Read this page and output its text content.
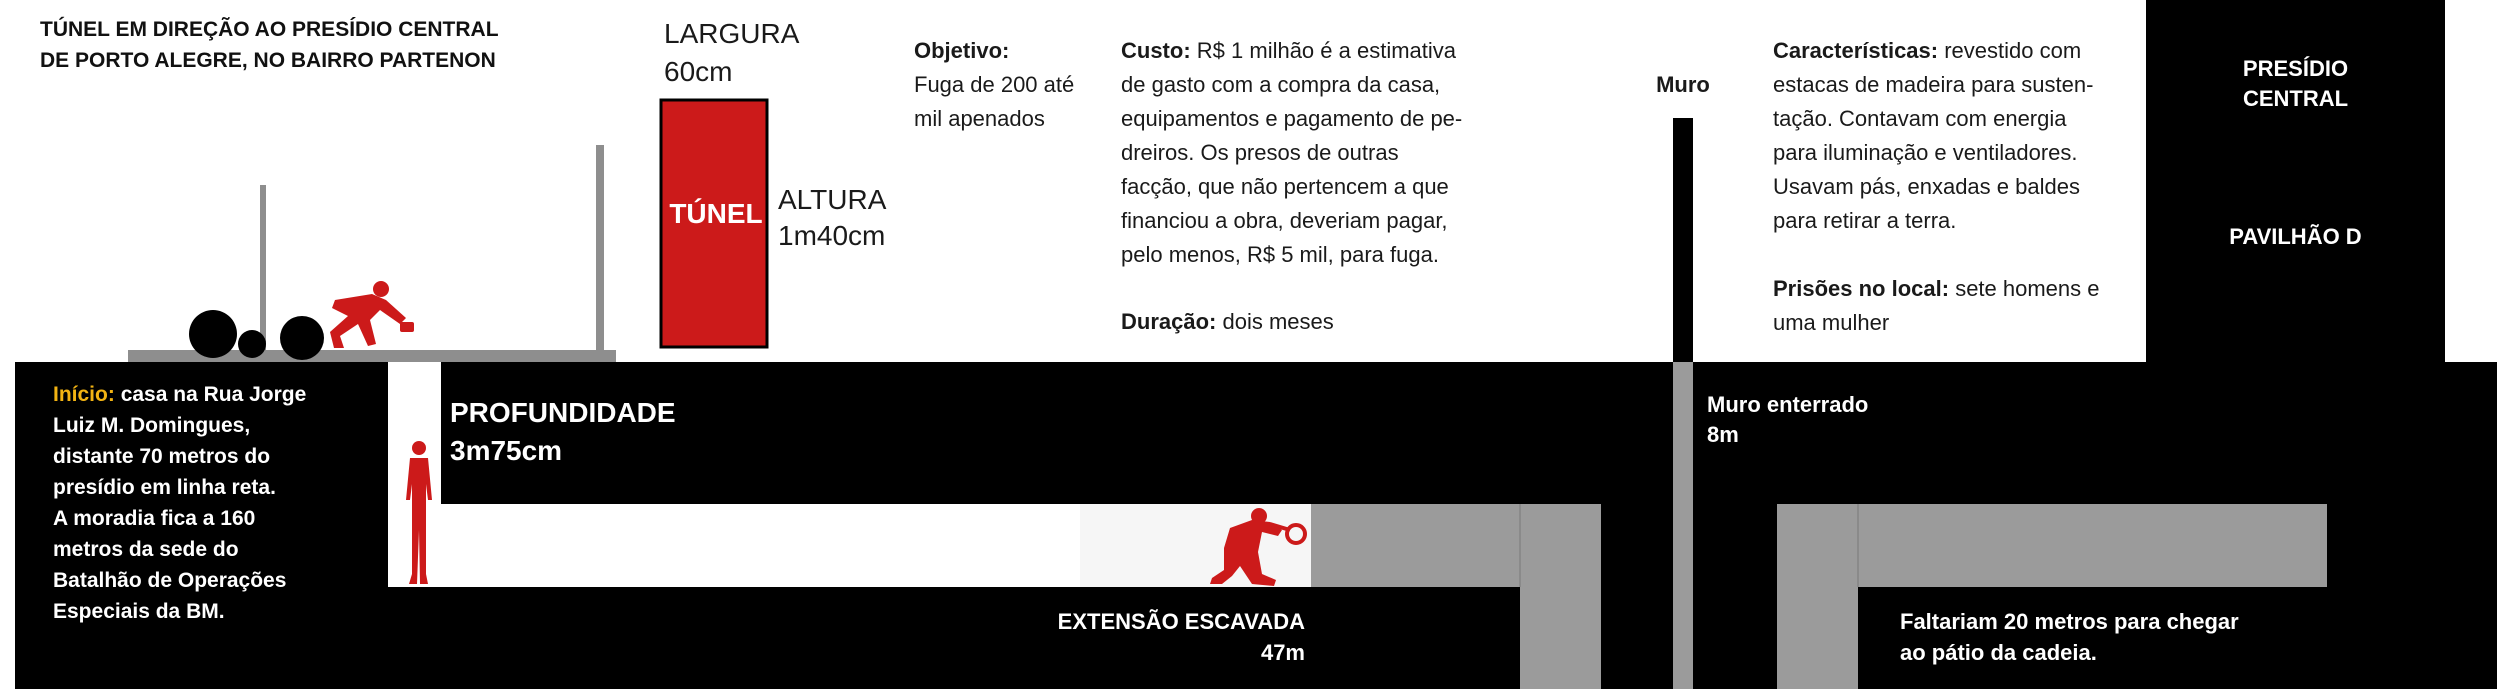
TÚNEL EM DIREÇÃO AO PRESÍDIO CENTRAL
DE PORTO ALEGRE, NO BAIRRO PARTENON
LARGURA
60cm
TÚNEL ALTURA
1m40cm
Objetivo:
Fuga de 200 até
mil apenados
Custo: R$ 1 milhão é a estimativa
de gasto com a compra da casa,
equipamentos e pagamento de pe-
dreiros. Os presos de outras
facção, que não pertencem a que
financiou a obra, deveriam pagar,
pelo menos, R$ 5 mil, para fuga.
Duração: dois meses
Muro
Características: revestido com
estacas de madeira para susten-
tação. Contavam com energia
para iluminação e ventiladores.
Usavam pás, enxadas e baldes
para retirar a terra.
Prisões no local: sete homens e
uma mulher
PRESÍDIO
CENTRAL
PAVILHÃO D
Início: casa na Rua Jorge
Luiz M. Domingues,
distante 70 metros do
presídio em linha reta.
A moradia fica a 160
metros da sede do
Batalhão de Operações
Especiais da BM.
PROFUNDIDADE
3m75cm
Muro enterrado
8m
EXTENSÃO ESCAVADA
47m
Faltariam 20 metros para chegar
ao pátio da cadeia.
